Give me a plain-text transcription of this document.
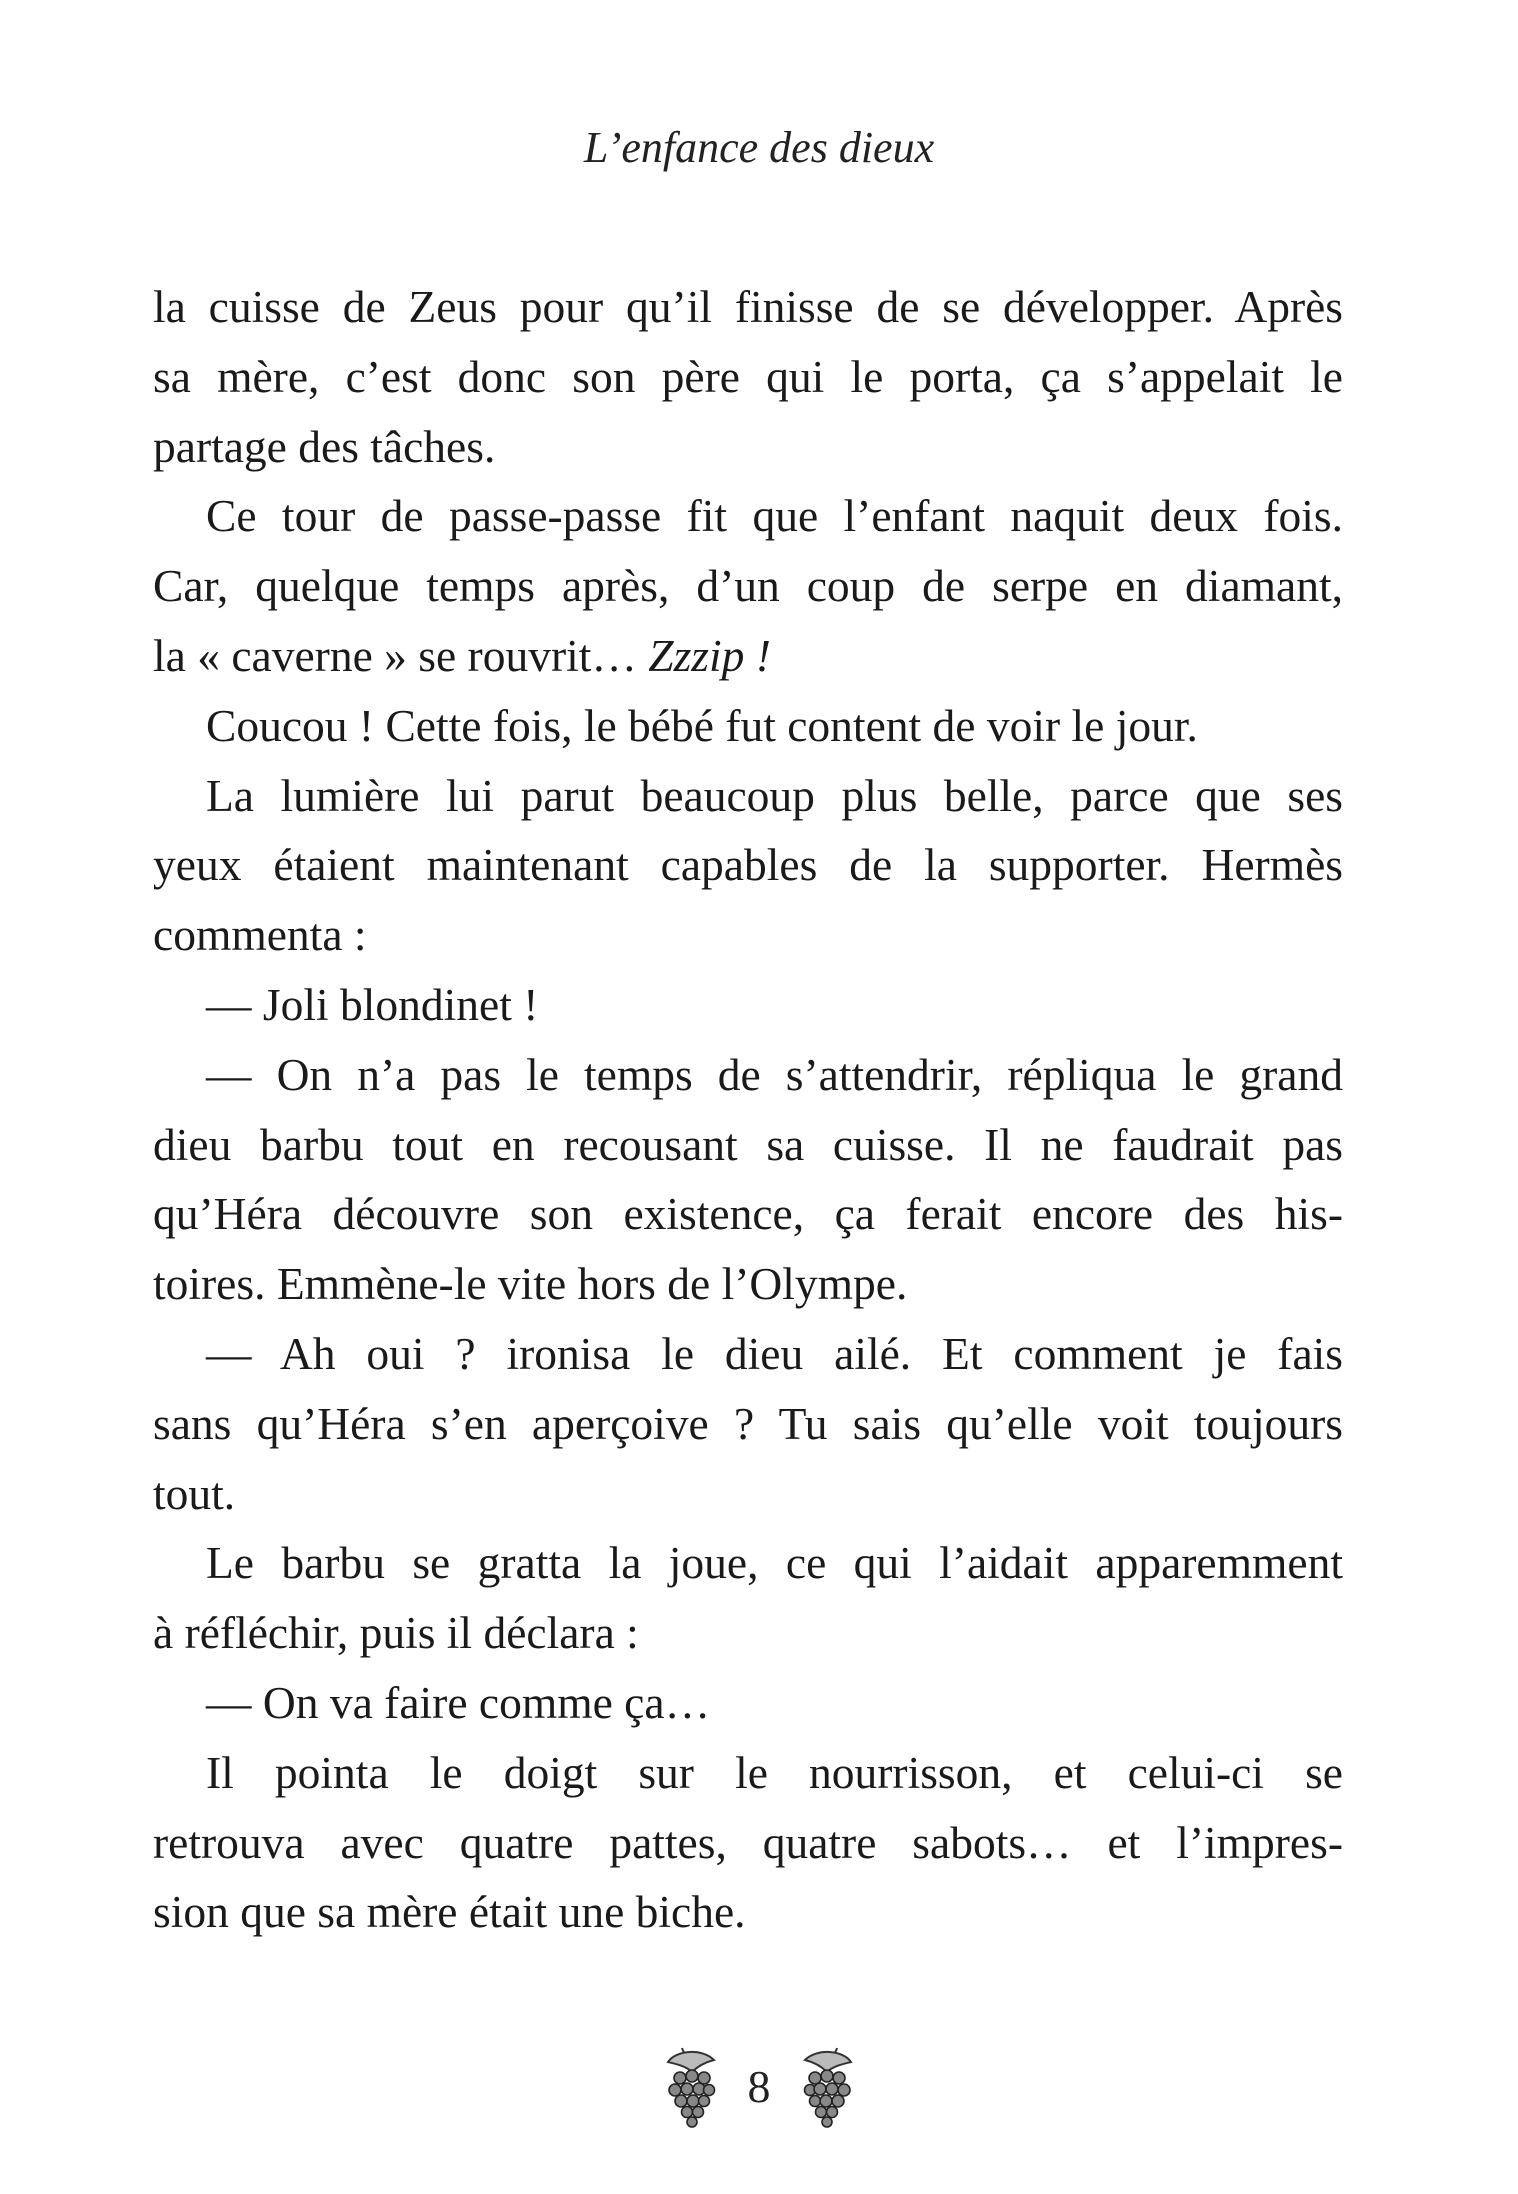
L’enfance des dieux
la cuisse de Zeus pour qu’il finisse de se développer. Après
sa mère, c’est donc son père qui le porta, ça s’appelait le
partage des tâches.
Ce tour de passe-passe fit que l’enfant naquit deux fois.
Car, quelque temps après, d’un coup de serpe en diamant,
la « caverne » se rouvrit… Zzzip !
Coucou ! Cette fois, le bébé fut content de voir le jour.
La lumière lui parut beaucoup plus belle, parce que ses
yeux étaient maintenant capables de la supporter. Hermès
commenta :
— Joli blondinet !
— On n’a pas le temps de s’attendrir, répliqua le grand
dieu barbu tout en recousant sa cuisse. Il ne faudrait pas
qu’Héra découvre son existence, ça ferait encore des his-
toires. Emmène-le vite hors de l’Olympe.
— Ah oui ? ironisa le dieu ailé. Et comment je fais
sans qu’Héra s’en aperçoive ? Tu sais qu’elle voit toujours
tout.
Le barbu se gratta la joue, ce qui l’aidait apparemment
à réfléchir, puis il déclara :
— On va faire comme ça…
Il pointa le doigt sur le nourrisson, et celui-ci se
retrouva avec quatre pattes, quatre sabots… et l’impres-
sion que sa mère était une biche.
8
